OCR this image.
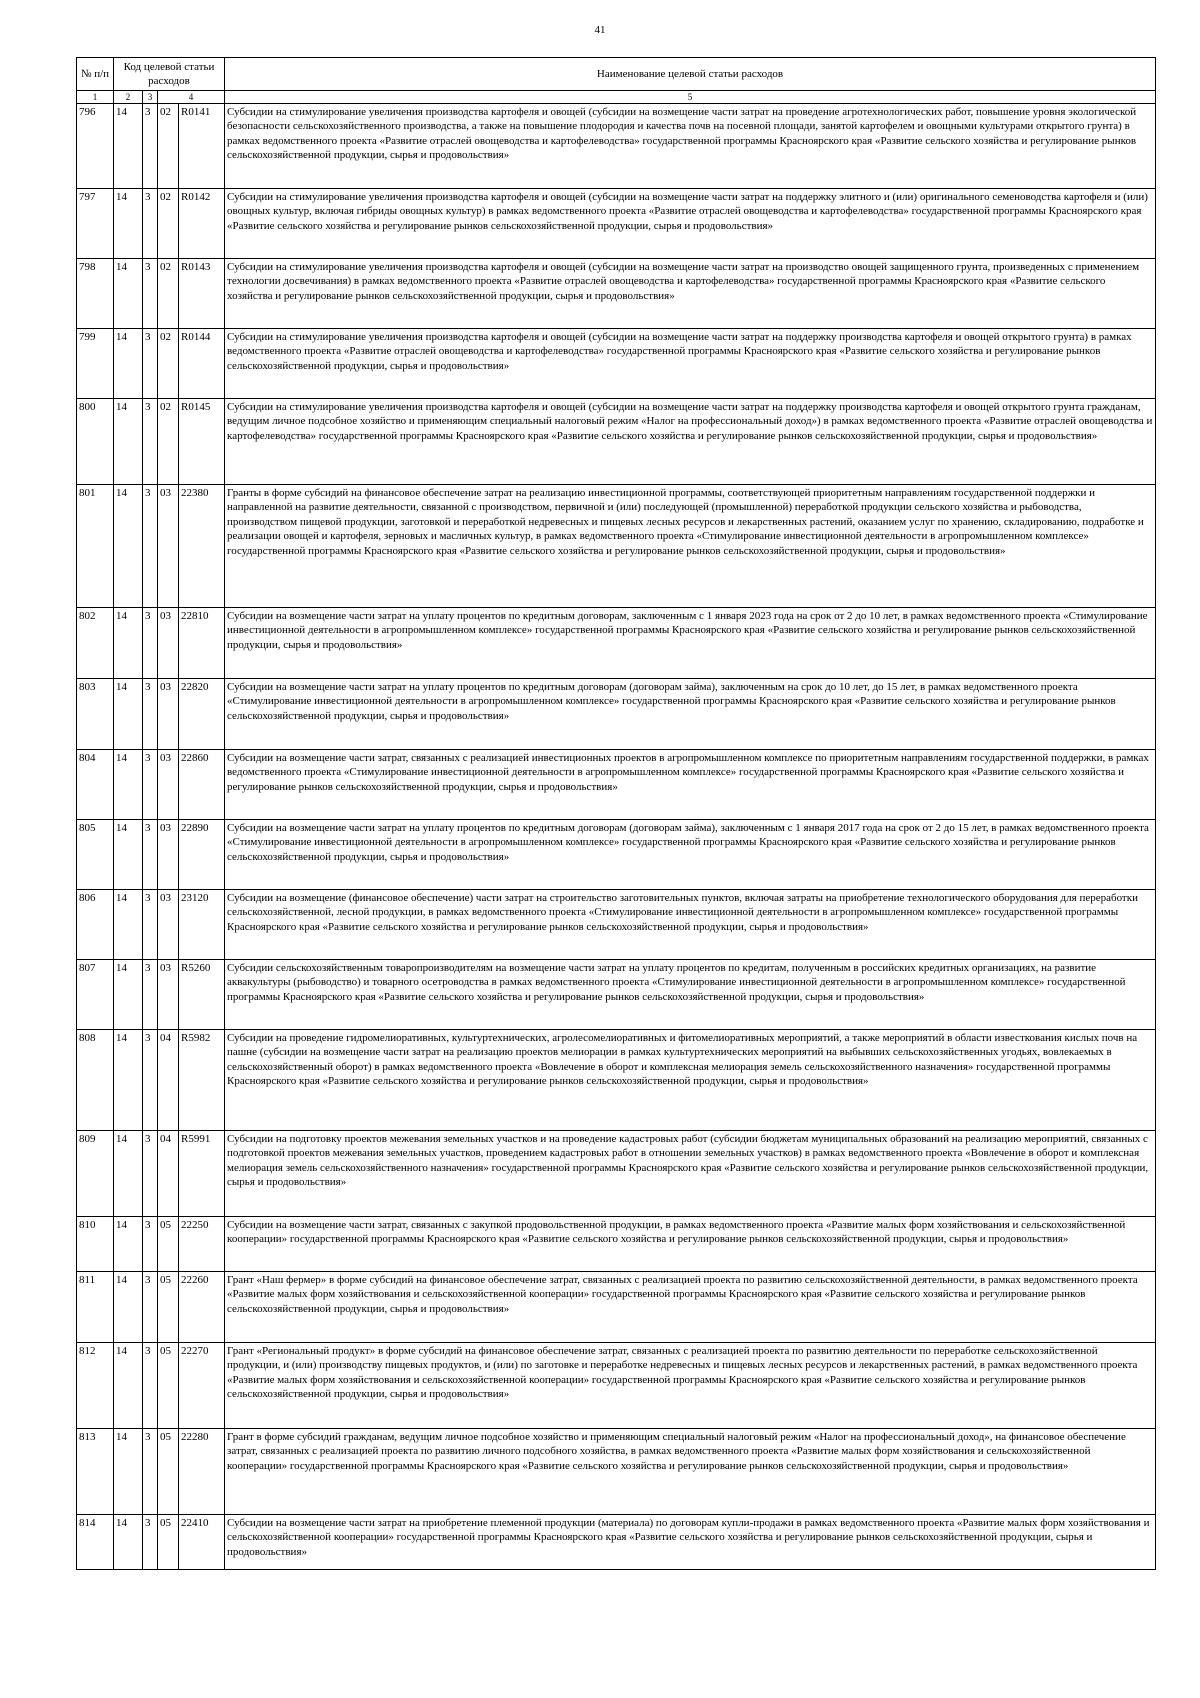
41
№ п/п	Код целевой статьи расходов				Наименование целевой статьи расходов

1	2	3	4		5
796	14	3	02	R0141	Субсидии на стимулирование увеличения производства картофеля и овощей (субсидии на возмещение части затрат на проведение агротехнологических работ, повышение уровня экологической безопасности сельскохозяйственного производства, а также на повышение плодородия и качества почв на посевной площади, занятой картофелем и овощными культурами открытого грунта) в рамках ведомственного проекта «Развитие отраслей овощеводства и картофелеводства» государственной программы Красноярского края «Развитие сельского хозяйства и регулирование рынков сельскохозяйственной продукции, сырья и продовольствия»
797	14	3	02	R0142	Субсидии на стимулирование увеличения производства картофеля и овощей (субсидии на возмещение части затрат на поддержку элитного и (или) оригинального семеноводства картофеля и (или) овощных культур, включая гибриды овощных культур) в рамках ведомственного проекта «Развитие отраслей овощеводства и картофелеводства» государственной программы Красноярского края «Развитие сельского хозяйства и регулирование рынков сельскохозяйственной продукции, сырья и продовольствия»
798	14	3	02	R0143	Субсидии на стимулирование увеличения производства картофеля и овощей (субсидии на возмещение части затрат на производство овощей защищенного грунта, произведенных с применением технологии досвечивания) в рамках ведомственного проекта «Развитие отраслей овощеводства и картофелеводства» государственной программы Красноярского края «Развитие сельского хозяйства и регулирование рынков сельскохозяйственной продукции, сырья и продовольствия»
799	14	3	02	R0144	Субсидии на стимулирование увеличения производства картофеля и овощей (субсидии на возмещение части затрат на поддержку производства картофеля и овощей открытого грунта) в рамках ведомственного проекта «Развитие отраслей овощеводства и картофелеводства» государственной программы Красноярского края «Развитие сельского хозяйства и регулирование рынков сельскохозяйственной продукции, сырья и продовольствия»
800	14	3	02	R0145	Субсидии на стимулирование увеличения производства картофеля и овощей (субсидии на возмещение части затрат на поддержку производства картофеля и овощей открытого грунта гражданам, ведущим личное подсобное хозяйство и применяющим специальный налоговый режим «Налог на профессиональный доход») в рамках ведомственного проекта «Развитие отраслей овощеводства и картофелеводства» государственной программы Красноярского края «Развитие сельского хозяйства и регулирование рынков сельскохозяйственной продукции, сырья и продовольствия»
801	14	3	03	22380	Гранты в форме субсидий на финансовое обеспечение затрат на реализацию инвестиционной программы, соответствующей приоритетным направлениям государственной поддержки и направленной на развитие деятельности, связанной с производством, первичной и (или) последующей (промышленной) переработкой продукции сельского хозяйства и рыбоводства, производством пищевой продукции, заготовкой и переработкой недревесных и пищевых лесных ресурсов и лекарственных растений, оказанием услуг по хранению, складированию, подработке и реализации овощей и картофеля, зерновых и масличных культур, в рамках ведомственного проекта «Стимулирование инвестиционной деятельности в агропромышленном комплексе» государственной программы Красноярского края «Развитие сельского хозяйства и регулирование рынков сельскохозяйственной продукции, сырья и продовольствия»
802	14	3	03	22810	Субсидии на возмещение части затрат на уплату процентов по кредитным договорам, заключенным с 1 января 2023 года на срок от 2 до 10 лет, в рамках ведомственного проекта «Стимулирование инвестиционной деятельности в агропромышленном комплексе» государственной программы Красноярского края «Развитие сельского хозяйства и регулирование рынков сельскохозяйственной продукции, сырья и продовольствия»
803	14	3	03	22820	Субсидии на возмещение части затрат на уплату процентов по кредитным договорам (договорам займа), заключенным на срок до 10 лет, до 15 лет, в рамках ведомственного проекта «Стимулирование инвестиционной деятельности в агропромышленном комплексе» государственной программы Красноярского края «Развитие сельского хозяйства и регулирование рынков сельскохозяйственной продукции, сырья и продовольствия»
804	14	3	03	22860	Субсидии на возмещение части затрат, связанных с реализацией инвестиционных проектов в агропромышленном комплексе по приоритетным направлениям государственной поддержки, в рамках ведомственного проекта «Стимулирование инвестиционной деятельности в агропромышленном комплексе» государственной программы Красноярского края «Развитие сельского хозяйства и регулирование рынков сельскохозяйственной продукции, сырья и продовольствия»
805	14	3	03	22890	Субсидии на возмещение части затрат на уплату процентов по кредитным договорам (договорам займа), заключенным с 1 января 2017 года на срок от 2 до 15 лет, в рамках ведомственного проекта «Стимулирование инвестиционной деятельности в агропромышленном комплексе» государственной программы Красноярского края «Развитие сельского хозяйства и регулирование рынков сельскохозяйственной продукции, сырья и продовольствия»
806	14	3	03	23120	Субсидии на возмещение (финансовое обеспечение) части затрат на строительство заготовительных пунктов, включая затраты на приобретение технологического оборудования для переработки сельскохозяйственной, лесной продукции, в рамках ведомственного проекта «Стимулирование инвестиционной деятельности в агропромышленном комплексе» государственной программы Красноярского края «Развитие сельского хозяйства и регулирование рынков сельскохозяйственной продукции, сырья и продовольствия»
807	14	3	03	R5260	Субсидии сельскохозяйственным товаропроизводителям на возмещение части затрат на уплату процентов по кредитам, полученным в российских кредитных организациях, на развитие аквакультуры (рыбоводство) и товарного осетроводства в рамках ведомственного проекта «Стимулирование инвестиционной деятельности в агропромышленном комплексе» государственной программы Красноярского края «Развитие сельского хозяйства и регулирование рынков сельскохозяйственной продукции, сырья и продовольствия»
808	14	3	04	R5982	Субсидии на проведение гидромелиоративных, культуртехнических, агролесомелиоративных и фитомелиоративных мероприятий, а также мероприятий в области известкования кислых почв на пашне (субсидии на возмещение части затрат на реализацию проектов мелиорации в рамках культуртехнических мероприятий на выбывших сельскохозяйственных угодьях, вовлекаемых в сельскохозяйственный оборот) в рамках ведомственного проекта «Вовлечение в оборот и комплексная мелиорация земель сельскохозяйственного назначения» государственной программы Красноярского края «Развитие сельского хозяйства и регулирование рынков сельскохозяйственной продукции, сырья и продовольствия»
809	14	3	04	R5991	Субсидии на подготовку проектов межевания земельных участков и на проведение кадастровых работ (субсидии бюджетам муниципальных образований на реализацию мероприятий, связанных с подготовкой проектов межевания земельных участков, проведением кадастровых работ в отношении земельных участков) в рамках ведомственного проекта «Вовлечение в оборот и комплексная мелиорация земель сельскохозяйственного назначения» государственной программы Красноярского края «Развитие сельского хозяйства и регулирование рынков сельскохозяйственной продукции, сырья и продовольствия»
810	14	3	05	22250	Субсидии на возмещение части затрат, связанных с закупкой продовольственной продукции, в рамках ведомственного проекта «Развитие малых форм хозяйствования и сельскохозяйственной кооперации» государственной программы Красноярского края «Развитие сельского хозяйства и регулирование рынков сельскохозяйственной продукции, сырья и продовольствия»
811	14	3	05	22260	Грант «Наш фермер» в форме субсидий на финансовое обеспечение затрат, связанных с реализацией проекта по развитию сельскохозяйственной деятельности, в рамках ведомственного проекта «Развитие малых форм хозяйствования и сельскохозяйственной кооперации» государственной программы Красноярского края «Развитие сельского хозяйства и регулирование рынков сельскохозяйственной продукции, сырья и продовольствия»
812	14	3	05	22270	Грант «Региональный продукт» в форме субсидий на финансовое обеспечение затрат, связанных с реализацией проекта по развитию деятельности по переработке сельскохозяйственной продукции, и (или) производству пищевых продуктов, и (или) по заготовке и переработке недревесных и пищевых лесных ресурсов и лекарственных растений, в рамках ведомственного проекта «Развитие малых форм хозяйствования и сельскохозяйственной кооперации» государственной программы Красноярского края «Развитие сельского хозяйства и регулирование рынков сельскохозяйственной продукции, сырья и продовольствия»
813	14	3	05	22280	Грант в форме субсидий гражданам, ведущим личное подсобное хозяйство и применяющим специальный налоговый режим «Налог на профессиональный доход», на финансовое обеспечение затрат, связанных с реализацией проекта по развитию личного подсобного хозяйства, в рамках ведомственного проекта «Развитие малых форм хозяйствования и сельскохозяйственной кооперации» государственной программы Красноярского края «Развитие сельского хозяйства и регулирование рынков сельскохозяйственной продукции, сырья и продовольствия»
814	14	3	05	22410	Субсидии на возмещение части затрат на приобретение племенной продукции (материала) по договорам купли-продажи в рамках ведомственного проекта «Развитие малых форм хозяйствования и сельскохозяйственной кооперации» государственной программы Красноярского края «Развитие сельского хозяйства и регулирование рынков сельскохозяйственной продукции, сырья и продовольствия»
